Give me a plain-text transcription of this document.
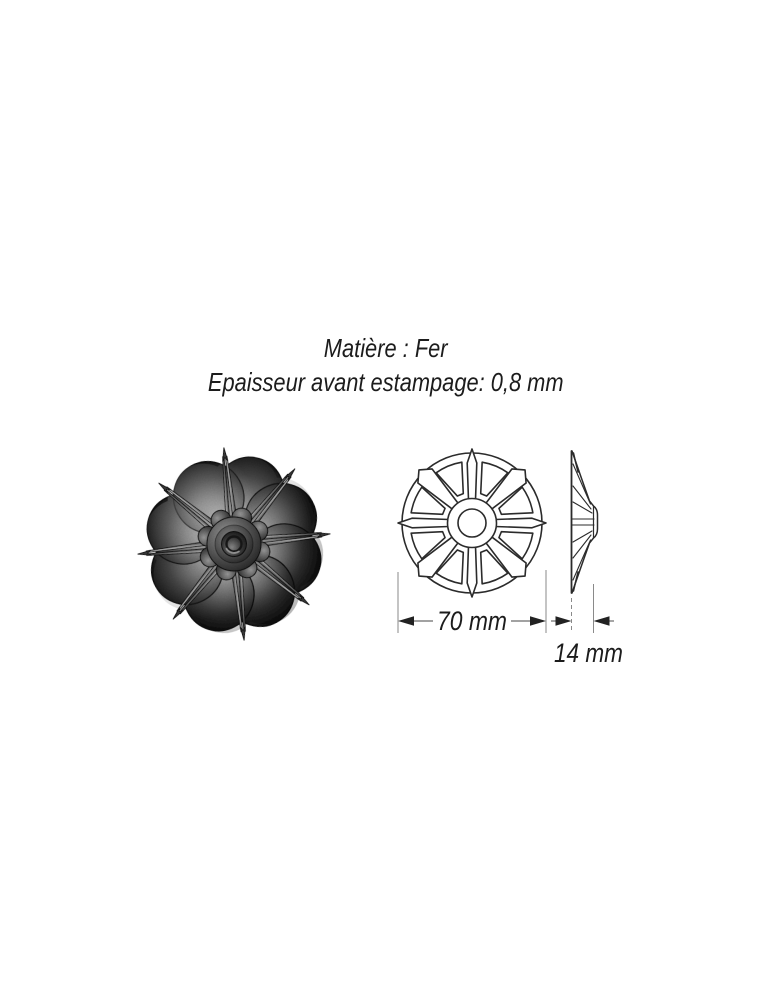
Matière : Fer
Epaisseur avant estampage: 0,8 mm
70 mm
14 mm
